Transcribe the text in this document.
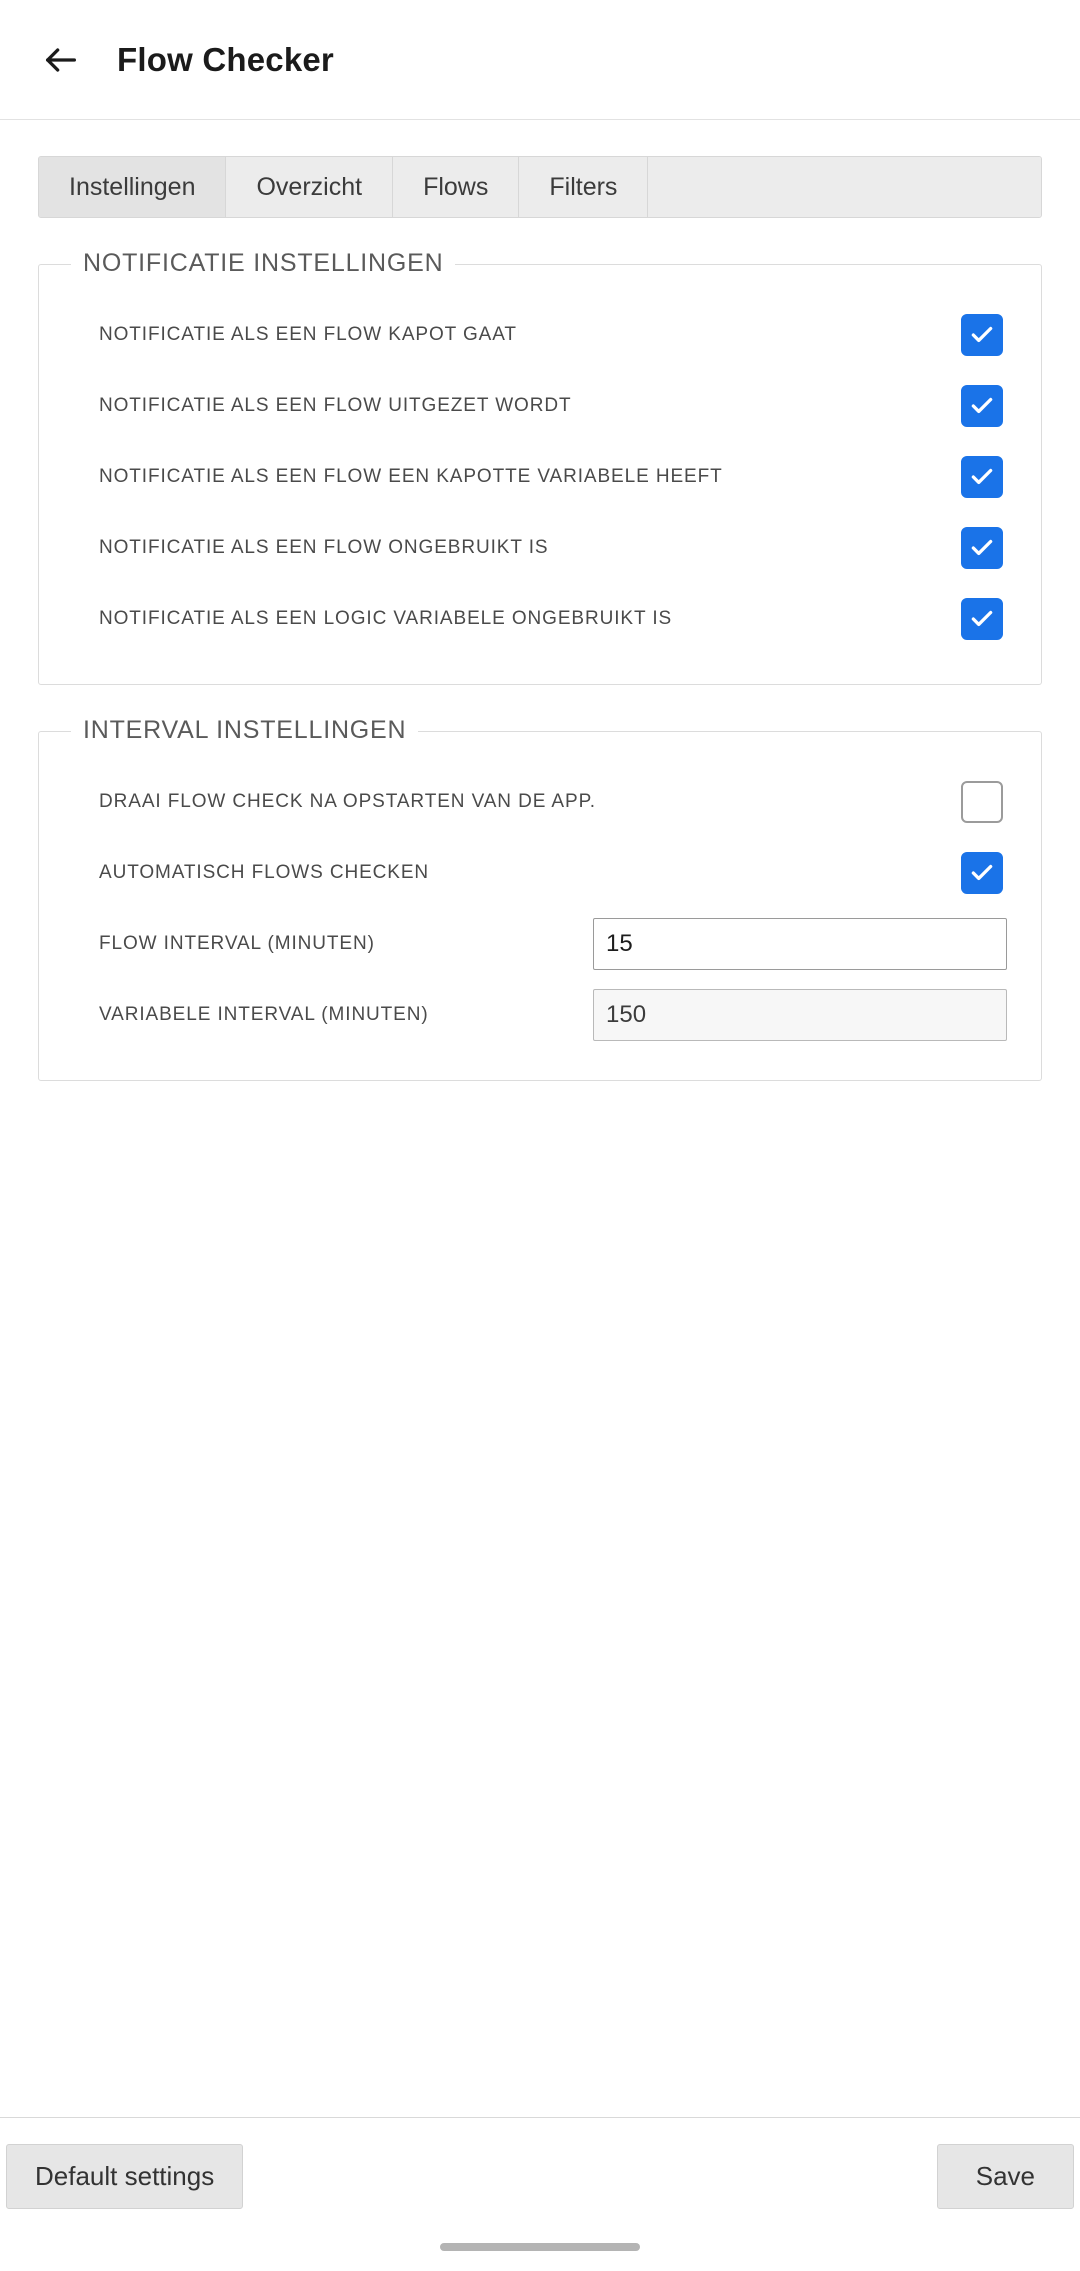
Flow Checker
Instellingen Overzicht Flows Filters
NOTIFICATIE INSTELLINGEN
NOTIFICATIE ALS EEN FLOW KAPOT GAAT
NOTIFICATIE ALS EEN FLOW UITGEZET WORDT
NOTIFICATIE ALS EEN FLOW EEN KAPOTTE VARIABELE HEEFT
NOTIFICATIE ALS EEN FLOW ONGEBRUIKT IS
NOTIFICATIE ALS EEN LOGIC VARIABELE ONGEBRUIKT IS
INTERVAL INSTELLINGEN
DRAAI FLOW CHECK NA OPSTARTEN VAN DE APP.
AUTOMATISCH FLOWS CHECKEN
FLOW INTERVAL (MINUTEN)
15
VARIABELE INTERVAL (MINUTEN)
150
Default settings	Save
